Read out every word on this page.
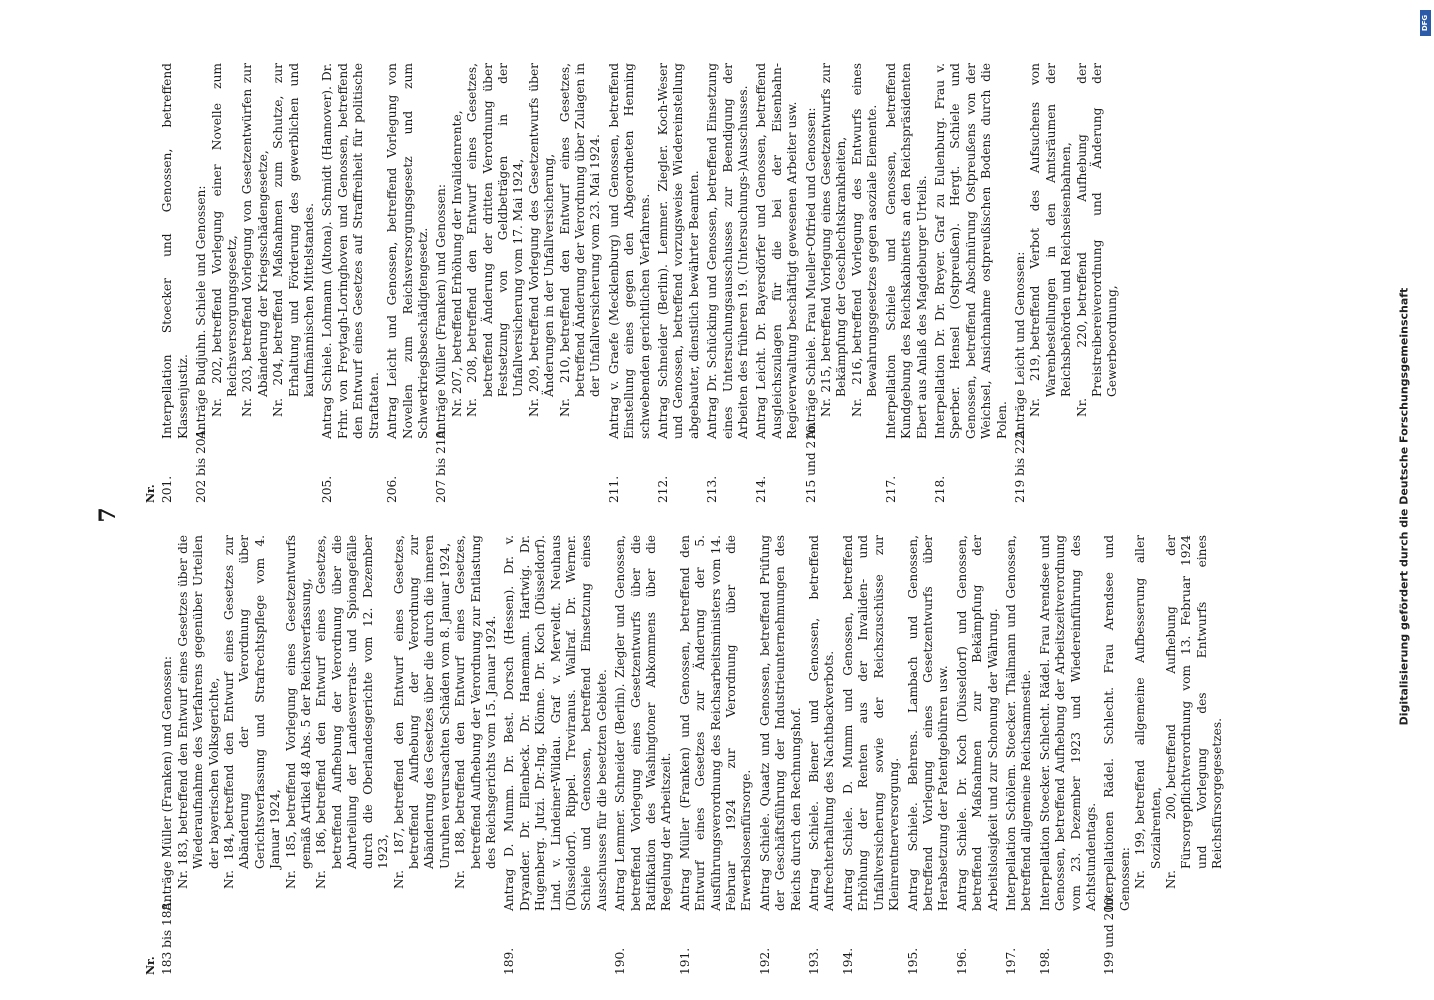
7
Nr. 183 bis 188.
Anträge Müller (Franken) und Genossen: Nr. 183,betreffend den Entwurf eines Gesetzes über die Wiederaufnahme des Verfahrens gegenüber Urteilen der bayerischen Volksgerichte, Nr. 184,betreffend den Entwurf eines Gesetzes zur Abänderung der Verordnung über Gerichtsverfassung und Strafrechtspflege vom 4. Januar 1924, Nr. 185,betreffend Vorlegung eines Gesetzentwurfs gemäß Artikel 48 Abs. 5 der Reichsverfassung, Nr. 186,betreffend den Entwurf eines Gesetzes, betreffend Aufhebung der Verordnung über die Aburteilung der Landesverrats- und Spionagefälle durch die Oberlandesgerichte vom 12. Dezember 1923, Nr. 187,betreffend den Entwurf eines Gesetzes, betreffend Aufhebung der Verordnung zur Abänderung des Gesetzes über die durch die inneren Unruhen verursachten Schäden vom 8. Januar 1924, Nr. 188,betreffend den Entwurf eines Gesetzes, betreffend Aufhebung der Verordnung zur Entlastung des Reichsgerichts vom 15. Januar 1924.
189.
Antrag D. Mumm. Dr. Best. Dorsch (Hessen). Dr. v. Dryander. Dr. Ellenbeck. Dr. Hanemann. Hartwig. Dr. Hugenberg. Jutzi. Dr.-Ing. Klönne. Dr. Koch (Düsseldorf). Lind. v. Lindeiner-Wildau. Graf v. Merveldt. Neuhaus (Düsseldorf). Rippel. Treviranus. Wallraf. Dr. Werner. Schiele und Genossen, betreffend Einsetzung eines Ausschusses für die besetzten Gebiete.
190.
Antrag Lemmer. Schneider (Berlin). Ziegler und Genossen, betreffend Vorlegung eines Gesetzentwurfs über die Ratifikation des Washingtoner Abkommens über die Regelung der Arbeitszeit.
191.
Antrag Müller (Franken) und Genossen, betreffend den Entwurf eines Gesetzes zur Änderung der 5. Ausführungsverordnung des Reichsarbeitsministers vom 14. Februar 1924 zur Verordnung über die Erwerbslosenfürsorge.
192.
Antrag Schiele. Quaatz und Genossen, betreffend Prüfung der Geschäftsführung der Industrieunternehmungen des Reichs durch den Rechnungshof.
193.
Antrag Schiele. Biener und Genossen, betreffend Aufrechterhaltung des Nachtbackverbots.
194.
Antrag Schiele. D. Mumm und Genossen, betreffend Erhöhung der Renten aus der Invaliden- und Unfallversicherung sowie der Reichszuschüsse zur Kleinrentnerversorgung.
195.
Antrag Schiele. Behrens. Lambach und Genossen, betreffend Vorlegung eines Gesetzentwurfs über Herabsetzung der Patentgebühren usw.
196.
Antrag Schiele. Dr. Koch (Düsseldorf) und Genossen, betreffend Maßnahmen zur Bekämpfung der Arbeitslosigkeit und zur Schonung der Währung.
197.
Interpellation Schölem. Stoecker. Thälmann und Genossen, betreffend allgemeine Reichsamnestie.
198.
Interpellation Stoecker. Schlecht. Rädel. Frau Arendsee und Genossen, betreffend Aufhebung der Arbeitszeitverordnung vom 23. Dezember 1923 und Wiedereinführung des Achtstundentags.
199 und 200.
Interpellationen Rädel. Schlecht. Frau Arendsee und Genossen: Nr. 199,betreffend allgemeine Aufbesserung aller Sozialrenten, Nr. 200,betreffend Aufhebung der Fürsorgepflichtverordnung vom 13. Februar 1924 und Vorlegung des Entwurfs eines Reichsfürsorgegesetzes.
Nr. 201.
Interpellation Stoecker und Genossen, betreffend Klassenjustiz.
202 bis 204.
Anträge Budjuhn. Schiele und Genossen: Nr. 202,betreffend Vorlegung einer Novelle zum Reichsversorgungsgesetz, Nr. 203,betreffend Vorlegung von Gesetzentwürfen zur Abänderung der Kriegsschädengesetze, Nr. 204,betreffend Maßnahmen zum Schutze, zur Erhaltung und Förderung des gewerblichen und kaufmännischen Mittelstandes.
205.
Antrag Schiele. Lohmann (Altona). Schmidt (Hannover). Dr. Frhr. von Freytagh-Loringhoven und Genossen, betreffend den Entwurf eines Gesetzes auf Straffreiheit für politische Straftaten.
206.
Antrag Leicht und Genossen, betreffend Vorlegung von Novellen zum Reichsversorgungsgesetz und zum Schwerkriegsbeschädigtengesetz.
207 bis 210.
Anträge Müller (Franken) und Genossen: Nr. 207,betreffend Erhöhung der Invalidenrente,
Nr. 208,betreffend den Entwurf eines Gesetzes, betreffend Änderung der dritten Verordnung über Festsetzung von Geldbeträgen in der Unfallversicherung vom 17. Mai 1924, Nr. 209,betreffend Vorlegung des Gesetzentwurfs über Änderungen in der Unfallversicherung, Nr. 210,betreffend den Entwurf eines Gesetzes, betreffend Änderung der Verordnung über Zulagen in der Unfallversicherung vom 23. Mai 1924.
211.
Antrag v. Graefe (Mecklenburg) und Genossen, betreffend Einstellung eines gegen den Abgeordneten Henning schwebenden gerichtlichen Verfahrens.
212.
Antrag Schneider (Berlin). Lemmer. Ziegler. Koch-Weser und Genossen, betreffend vorzugsweise Wiedereinstellung abgebauter, dienstlich bewährter Beamten.
213.
Antrag Dr. Schücking und Genossen, betreffend Einsetzung eines Untersuchungsausschusses zur Beendigung der Arbeiten des früheren 19. (Untersuchungs-)Ausschusses.
214.
Antrag Leicht. Dr. Bayersdörfer und Genossen, betreffend Ausgleichszulagen für die bei der Eisenbahn-Regieverwaltung beschäftigt gewesenen Arbeiter usw.
215 und 216.
Anträge Schiele. Frau Mueller-Otfried und Genossen: Nr. 215,betreffend Vorlegung eines Gesetzentwurfs zur Bekämpfung der Geschlechtskrankheiten, Nr. 216,betreffend Vorlegung des Entwurfs eines Bewahrungsgesetzes gegen asoziale Elemente.
217.
Interpellation Schiele und Genossen, betreffend Kundgebung des Reichskabinetts an den Reichspräsidenten Ebert aus Anlaß des Magdeburger Urteils.
218.
Interpellation Dr. Dr. Breyer. Graf zu Eulenburg. Frau v. Sperber. Hensel (Ostpreußen). Hergt. Schiele und Genossen, betreffend Abschnürung Ostpreußens von der Weichsel, Ansichnahme ostpreußischen Bodens durch die Polen.
219 bis 222.
Anträge Leicht und Genossen: Nr. 219,betreffend Verbot des Aufsuchens von Warenbestellungen in den Amtsräumen der Reichsbehörden und Reichseisenbahnen, Nr. 220,betreffend Aufhebung der Preistreibereiverordnung und Änderung der Gewerbeordnung,
DFG
Digitalisierung gefördert durch die Deutsche Forschungsgemeinschaft
